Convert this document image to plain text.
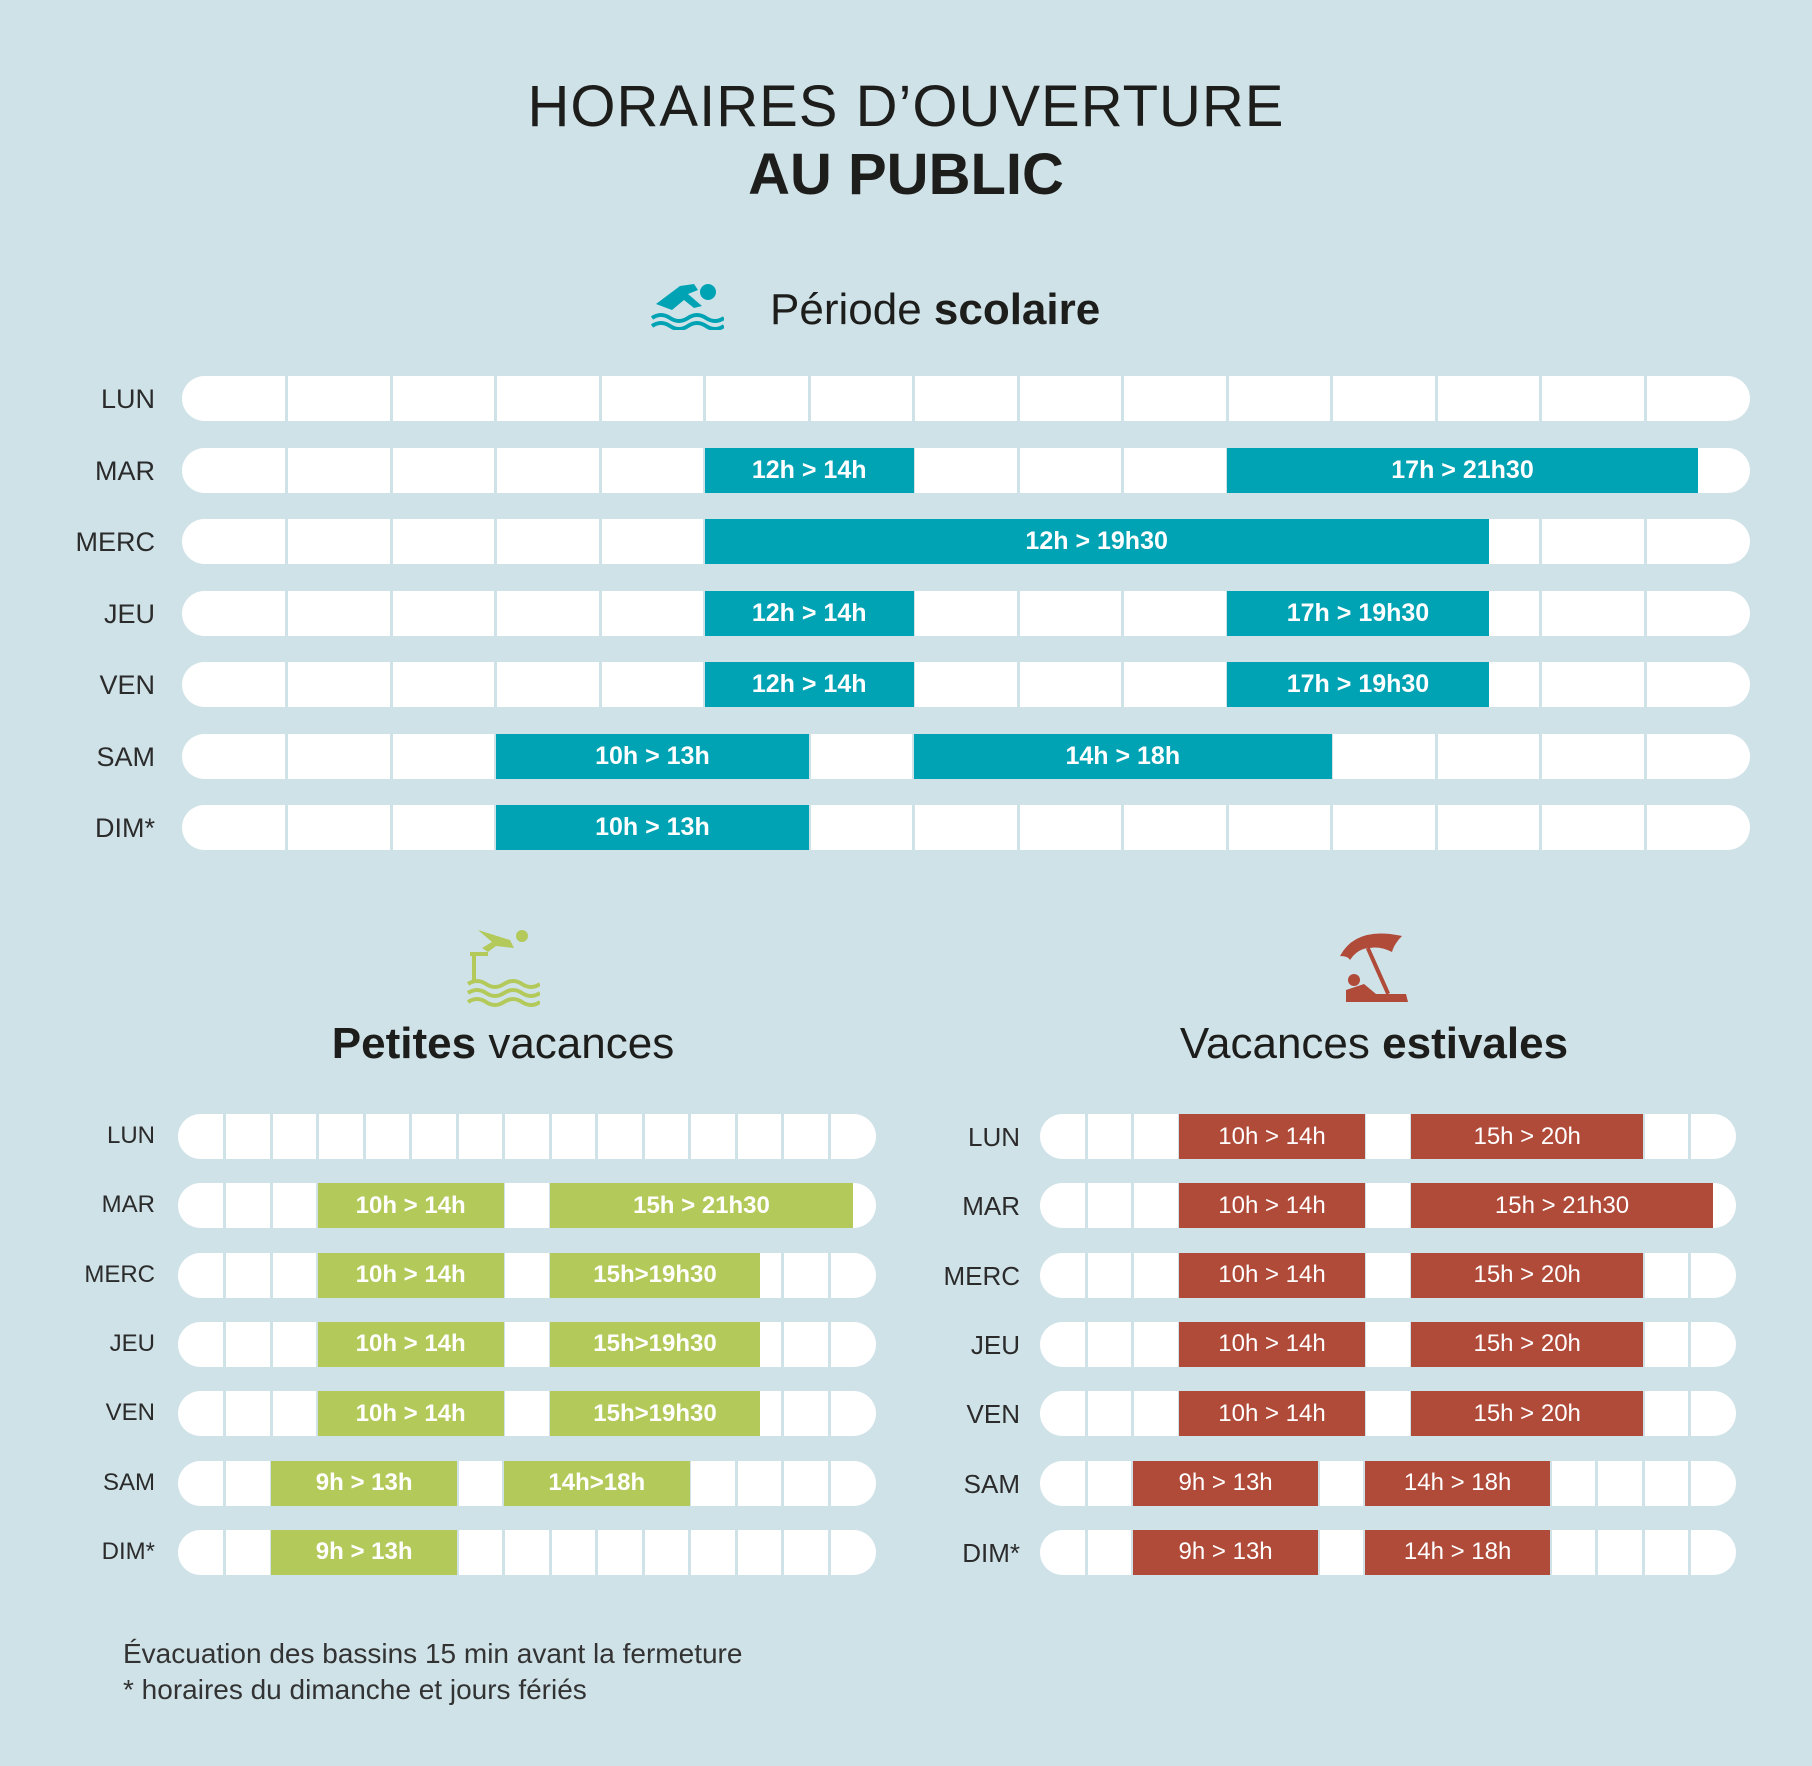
HORAIRES D’OUVERTURE
AU PUBLIC
Période scolaire
Petites vacances	Vacances estivales
LUN
MAR	12h > 14h	17h > 21h30
MERC	12h > 19h30
JEU	12h > 14h	17h > 19h30
VEN	12h > 14h	17h > 19h30
SAM	10h > 13h	14h > 18h
DIM*	10h > 13h
LUN
MAR	10h > 14h	15h > 21h30
MERC	10h > 14h	15h>19h30
JEU	10h > 14h	15h>19h30
VEN	10h > 14h	15h>19h30
SAM	9h > 13h	14h>18h
DIM*	9h > 13h
LUN	10h > 14h	15h > 20h
MAR	10h > 14h	15h > 21h30
MERC	10h > 14h	15h > 20h
JEU	10h > 14h	15h > 20h
VEN	10h > 14h	15h > 20h
SAM	9h > 13h	14h > 18h
DIM*	9h > 13h	14h > 18h
Évacuation des bassins 15 min avant la fermeture
* horaires du dimanche et jours fériés
